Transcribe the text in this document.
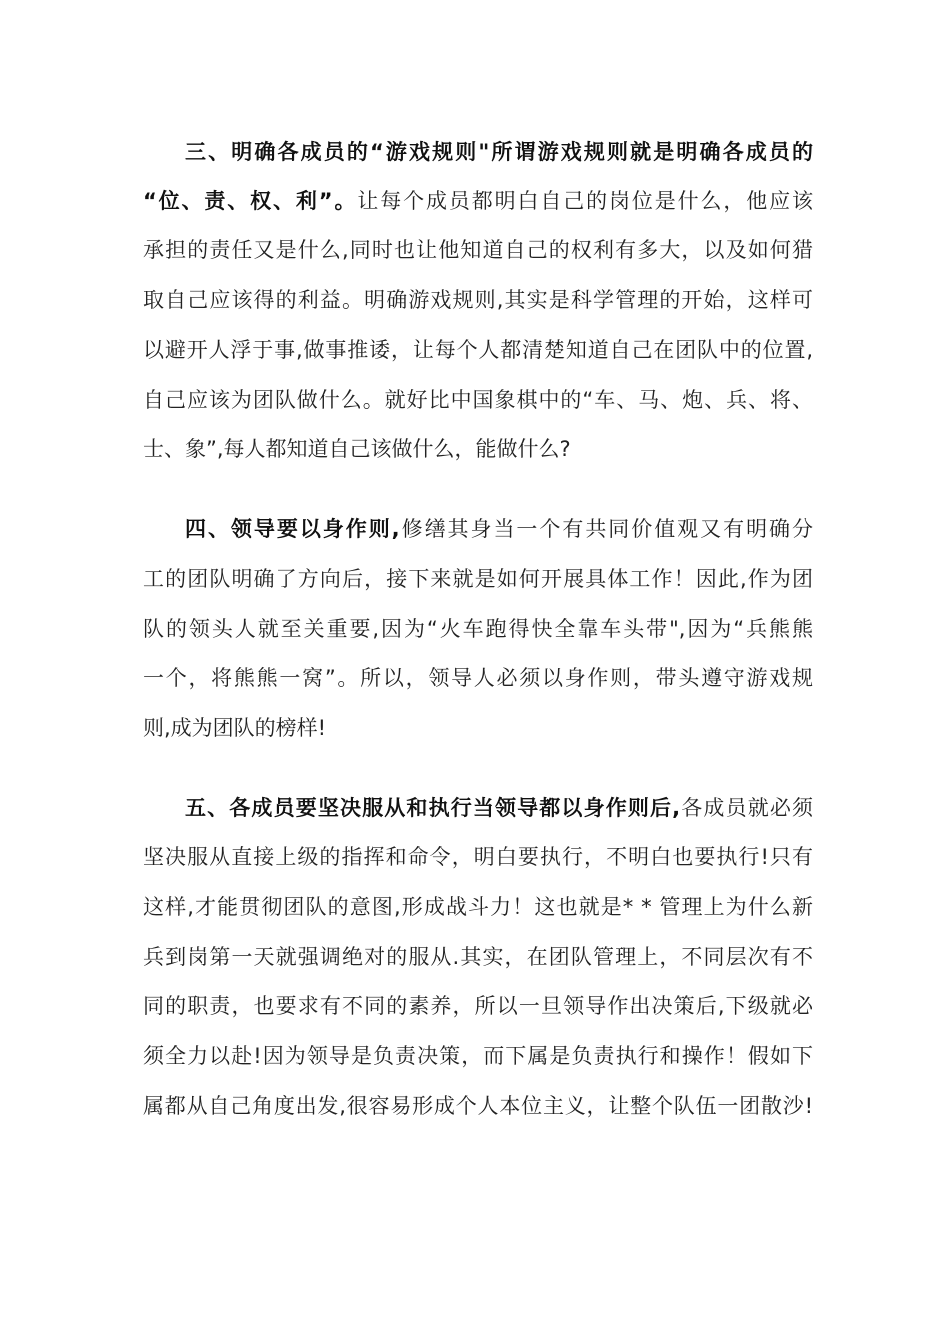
三、明确各成员的“游戏规则"所谓游戏规则就是明确各成员的
“位、责、权、利”。让每个成员都明白自己的岗位是什么，他应该
承担的责任又是什么,同时也让他知道自己的权利有多大，以及如何猎
取自己应该得的利益。明确游戏规则,其实是科学管理的开始，这样可
以避开人浮于事,做事推诿，让每个人都清楚知道自己在团队中的位置,
自己应该为团队做什么。就好比中国象棋中的“车、马、炮、兵、将、
士、象”,每人都知道自己该做什么，能做什么?
四、领导要以身作则,修缮其身当一个有共同价值观又有明确分
工的团队明确了方向后，接下来就是如何开展具体工作！因此,作为团
队的领头人就至关重要,因为“火车跑得快全靠车头带",因为“兵熊熊
一个，将熊熊一窝”。所以，领导人必须以身作则，带头遵守游戏规
则,成为团队的榜样!
五、各成员要坚决服从和执行当领导都以身作则后,各成员就必须
坚决服从直接上级的指挥和命令，明白要执行，不明白也要执行!只有
这样,才能贯彻团队的意图,形成战斗力！这也就是* * 管理上为什么新
兵到岗第一天就强调绝对的服从.其实，在团队管理上，不同层次有不
同的职责，也要求有不同的素养，所以一旦领导作出决策后,下级就必
须全力以赴!因为领导是负责决策，而下属是负责执行和操作！假如下
属都从自己角度出发,很容易形成个人本位主义，让整个队伍一团散沙!
